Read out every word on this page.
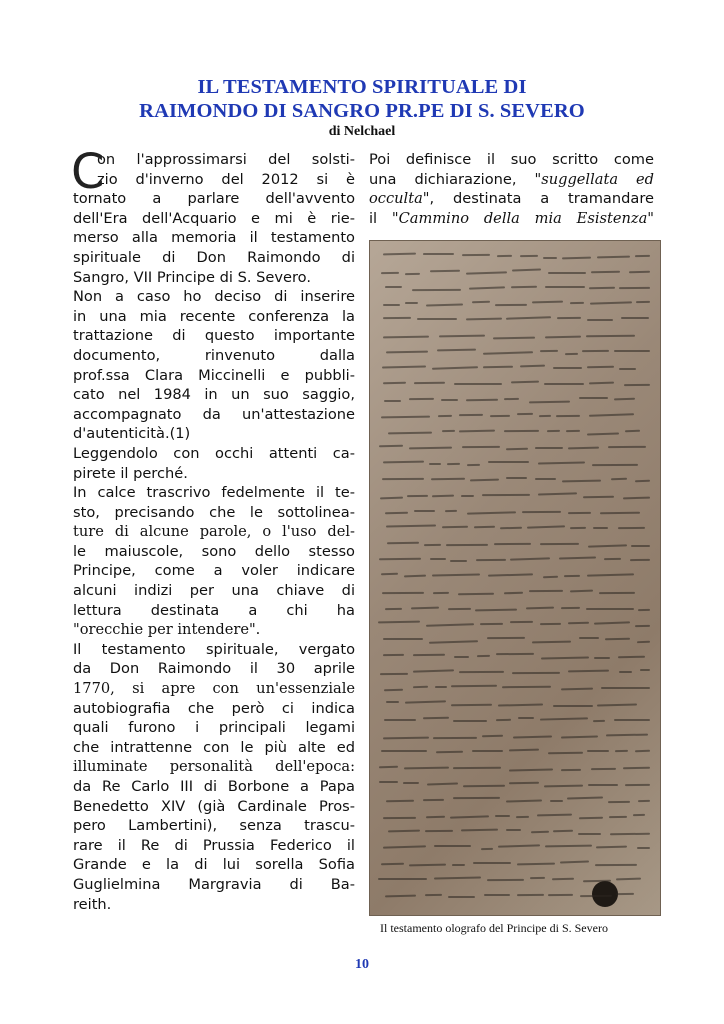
IL TESTAMENTO SPIRITUALE DI
RAIMONDO DI SANGRO PR.PE DI S. SEVERO
di Nelchael
C
on l'approssimarsi del solsti-
zio d'inverno del 2012 si è
tornato a parlare dell'avvento
dell'Era dell'Acquario e mi è rie-
merso alla memoria il testamento
spirituale di Don Raimondo di
Sangro, VII Principe di S. Severo.
Non a caso ho deciso di inserire
in una mia recente conferenza la
trattazione di questo importante
documento, rinvenuto dalla
prof.ssa Clara Miccinelli e pubbli-
cato nel 1984 in un suo saggio,
accompagnato da un'attestazione
d'autenticità.(1)
Leggendolo con occhi attenti ca-
pirete il perché.
In calce trascrivo fedelmente il te-
sto, precisando che le sottolinea-
ture di alcune parole, o l'uso del-
le maiuscole, sono dello stesso
Principe, come a voler indicare
alcuni indizi per una chiave di
lettura destinata a chi ha
"orecchie per intendere".
Il testamento spirituale, vergato
da Don Raimondo il 30 aprile
1770, si apre con un'essenziale
autobiografia che però ci indica
quali furono i principali legami
che intrattenne con le più alte ed
illuminate personalità dell'epoca:
da Re Carlo III di Borbone a Papa
Benedetto XIV (già Cardinale Pros-
pero Lambertini), senza trascu-
rare il Re di Prussia Federico il
Grande e la di lui sorella Sofia
Guglielmina Margravia di Ba-
reith.
Poi definisce il suo scritto come
una dichiarazione, "suggellata ed
occulta", destinata a tramandare
il "Cammino della mia Esistenza"
Il testamento olografo del Principe di S. Severo
10
